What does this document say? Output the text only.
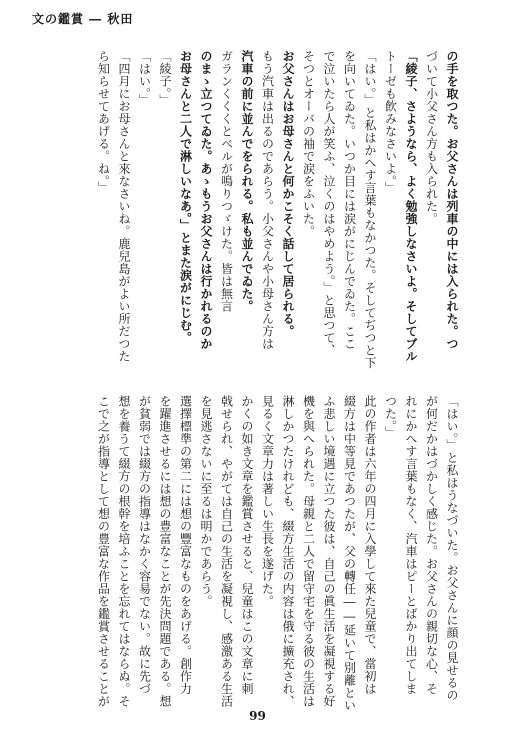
文の鑑賞 ― 秋田
の手を取つた。お父さんは列車の中には入られた。つ
づいて小父さん方も入られた。
「綾子、さようなら、よく勉強しなさいよ。そしてブル
トーゼも飲みなさいよ。」
「はい。」と私はかへす言葉もなかつた。そしてぢつと下
を向いてゐた。いつか目には涙がにじんでゐた。ここ
で泣いたら人が笑ふ、泣くのはやめよう。」と思つて、
そつとオーバの袖で涙をふいた。
お父さんはお母さんと何かこそく話して居られる。
もう汽車は出るのであらう。小父さんや小母さん方は
汽車の前に並んでをられる。私も並んでゐた。
ガランくくくとベルが鳴りつゞけた。皆は無言
のまゝ立つてゐた。あゝもうお父さんは行かれるのか
お母さんと二人で淋しいなあ。」とまた涙がにじむ。
「綾子。」
「はい。」
「四月にお母さんと來なさいね。鹿兒島がよい所だつた
ら知らせてあげる。ね。」
「はい。」と私はうなづいた。お父さんに顔の見せるの
が何だかはづかしく感じた。お父さんの親切な心、そ
れにかへす言葉もなく、汽車はピーとばかり出てしま
つた。」
此の作者は六年の四月に入學して來た兒童で、當初は
綴方は中等見であつたが、父の轉任――延いて別離とい
ふ悲しい境遇に立つた彼は、自己の眞生活を凝視する好
機を與へられた。母親と二人で留守宅を守る彼の生活は
淋しかつたけれども、綴方生活の内容は俄に擴充され、
見るく文章力は著しい生長を遂げた。
かくの如き文章を鑑賞させると、兒童はこの文章に刺
戟せられ、やがては自己の生活を凝視し、感激ある生活
を見逃さないに至るは明かであらう。
選擇標準の第二には想の豐富なものをあげる。創作力
を躍進させるには想の豊富なことが先決問題である。想
が貧弱では綴方の指導はなかく容易でない。故に先づ
想を養うて綴方の根幹を培ふことを忘れてはならぬ。そ
こで之が指導として想の豊富な作品を鑑賞させることが
99
